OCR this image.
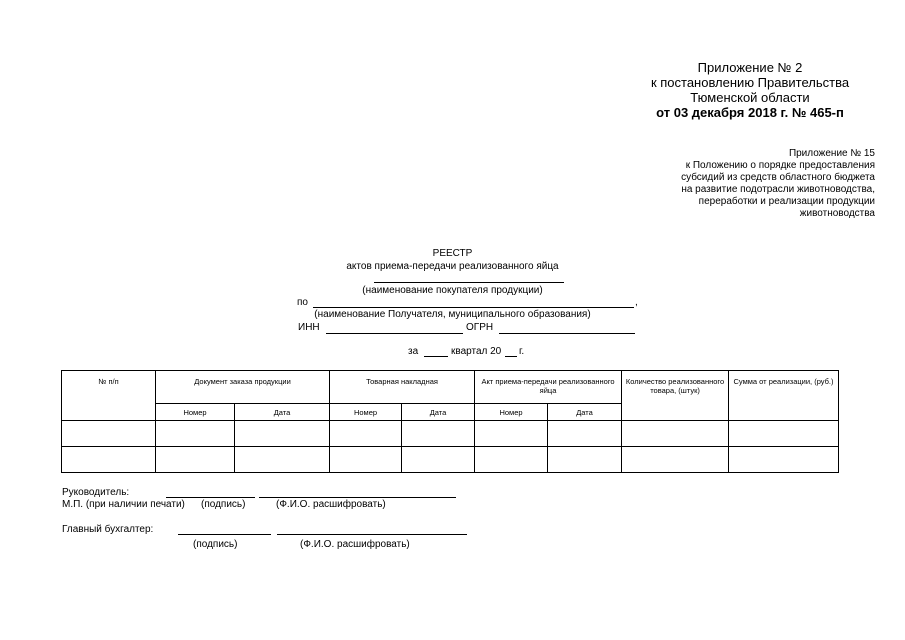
Приложение № 2
к постановлению Правительства
Тюменской области
от 03 декабря 2018 г. № 465-п
Приложение № 15
к Положению о порядке предоставления
субсидий из средств областного бюджета
на развитие подотрасли животноводства,
переработки и реализации продукции
животноводства
РЕЕСТР
актов приема-передачи реализованного яйца
(наименование покупателя продукции)
по	,
(наименование Получателя, муниципального образования)
ИНН	ОГРН
за	квартал 20 г.
№ п/п	Документ заказа продукции		Товарная накладная		Акт приема-передачи реализованного яйца		Количество реализованного товара, (штук)	Сумма от реализации, (руб.)
	Номер	Дата	Номер	Дата	Номер	Дата		

Руководитель:
М.П. (при наличии печати) (подпись)	(Ф.И.О. расшифровать)
Главный бухгалтер:
(подпись)	(Ф.И.О. расшифровать)
